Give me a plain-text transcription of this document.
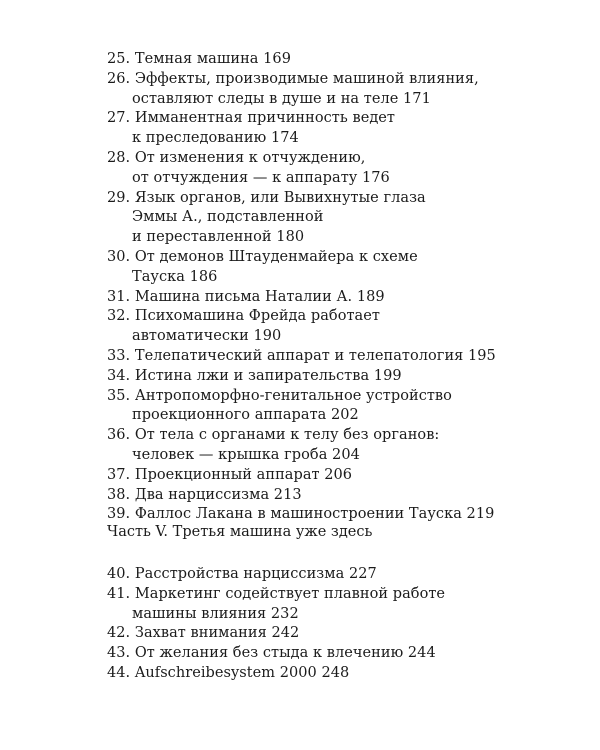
25. Темная машина 169
26. Эффекты, производимые машиной влияния,
оставляют следы в душе и на теле 171
27. Имманентная причинность ведет
к преследованию 174
28. От изменения к отчуждению,
от отчуждения — к аппарату 176
29. Язык органов, или Вывихнутые глаза
Эммы А., подставленной
и переставленной 180
30. От демонов Штауденмайера к схеме
Тауска 186
31. Машина письма Наталии А. 189
32. Психомашина Фрейда работает
автоматически 190
33. Телепатический аппарат и телепатология 195
34. Истина лжи и запирательства 199
35. Антропоморфно-генитальное устройство
проекционного аппарата 202
36. От тела с органами к телу без органов:
человек — крышка гроба 204
37. Проекционный аппарат 206
38. Два нарциссизма 213
39. Фаллос Лакана в машиностроении Тауска 219
Часть V. Третья машина уже здесь
40. Расстройства нарциссизма 227
41. Маркетинг содействует плавной работе
машины влияния 232
42. Захват внимания 242
43. От желания без стыда к влечению 244
44. Aufschreibesystem 2000 248
